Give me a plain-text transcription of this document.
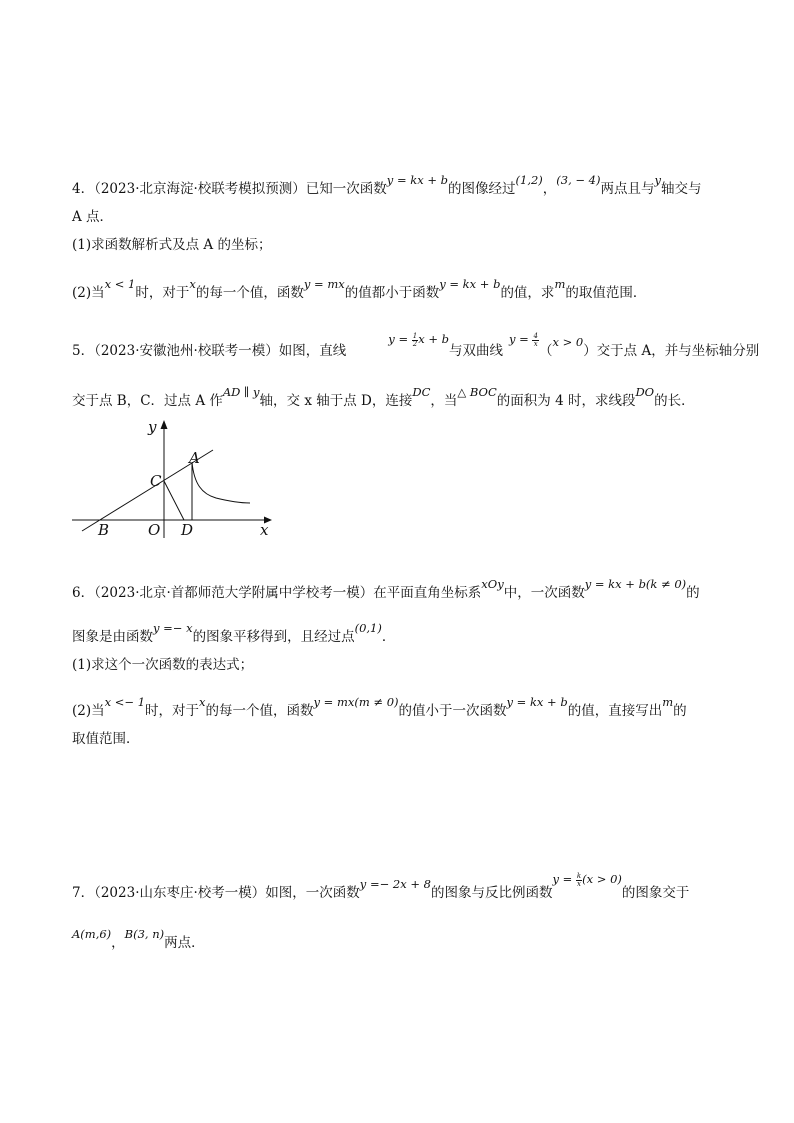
4．（2023·北京海淀·校联考模拟预测）已知一次函数y = kx + b的图像经过(1,2)，(3, − 4)两点且与y轴交与
A 点．
(1)求函数解析式及点 A 的坐标；
(2)当x < 1时，对于x的每一个值，函数y = mx的值都小于函数y = kx + b的值，求m的取值范围．
5．（2023·安徽池州·校联考一模）如图，直线$y = \frac{1}{2}$ x + b与双曲线$y = \frac{4}{x}$
（x > 0）交于点 A，并与坐标轴分别
交于点 B，C．过点 A 作AD ∥ y轴，交 x 轴于点 D，连接DC，当△ BOC的面积为 4 时，求线段DO的长．
y
x
A
C
B	O D
6．（2023·北京·首都师范大学附属中学校考一模）在平面直角坐标系xOy中，一次函数y = kx + b(k ≠ 0)的
图象是由函数y =− x的图象平移得到，且经过点(0,1)．
(1)求这个一次函数的表达式；
(2)当x <− 1时，对于x的每一个值，函数y = mx(m ≠ 0)的值小于一次函数y = kx + b的值，直接写出m的
取值范围．
7．（2023·山东枣庄·校考一模）如图，一次函数y =− 2x + 8的图象与反比例函数$y = \frac{k}{x} (x > 0)$的图象交于
A(m,6)，B(3, n)两点．
